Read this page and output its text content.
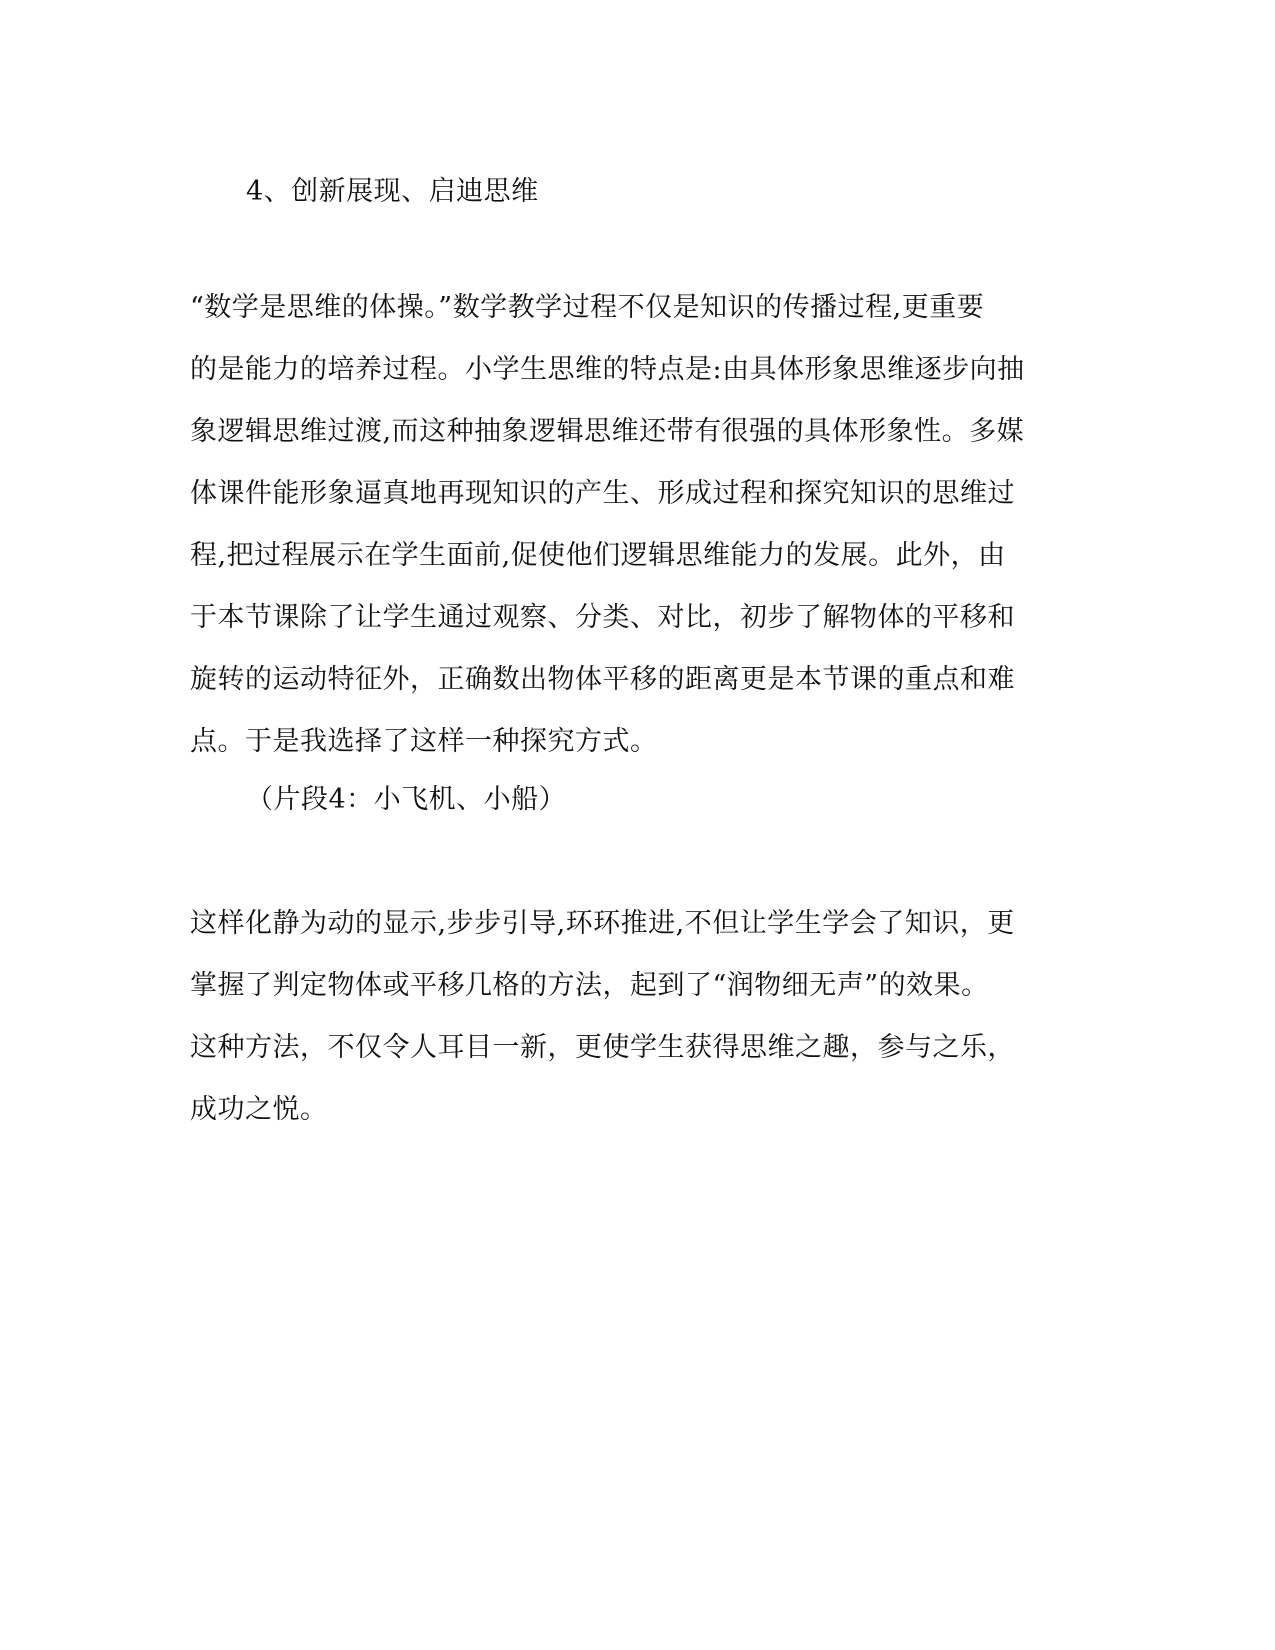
4、创新展现、启迪思维
“数学是思维的体操。”数学教学过程不仅是知识的传播过程,更重要
的是能力的培养过程。小学生思维的特点是:由具体形象思维逐步向抽
象逻辑思维过渡,而这种抽象逻辑思维还带有很强的具体形象性。多媒
体课件能形象逼真地再现知识的产生、形成过程和探究知识的思维过
程,把过程展示在学生面前,促使他们逻辑思维能力的发展。此外，由
于本节课除了让学生通过观察、分类、对比，初步了解物体的平移和
旋转的运动特征外，正确数出物体平移的距离更是本节课的重点和难
点。于是我选择了这样一种探究方式。
（片段4：小飞机、小船）
这样化静为动的显示,步步引导,环环推进,不但让学生学会了知识，更
掌握了判定物体或平移几格的方法，起到了“润物细无声”的效果。
这种方法，不仅令人耳目一新，更使学生获得思维之趣，参与之乐，
成功之悦。
